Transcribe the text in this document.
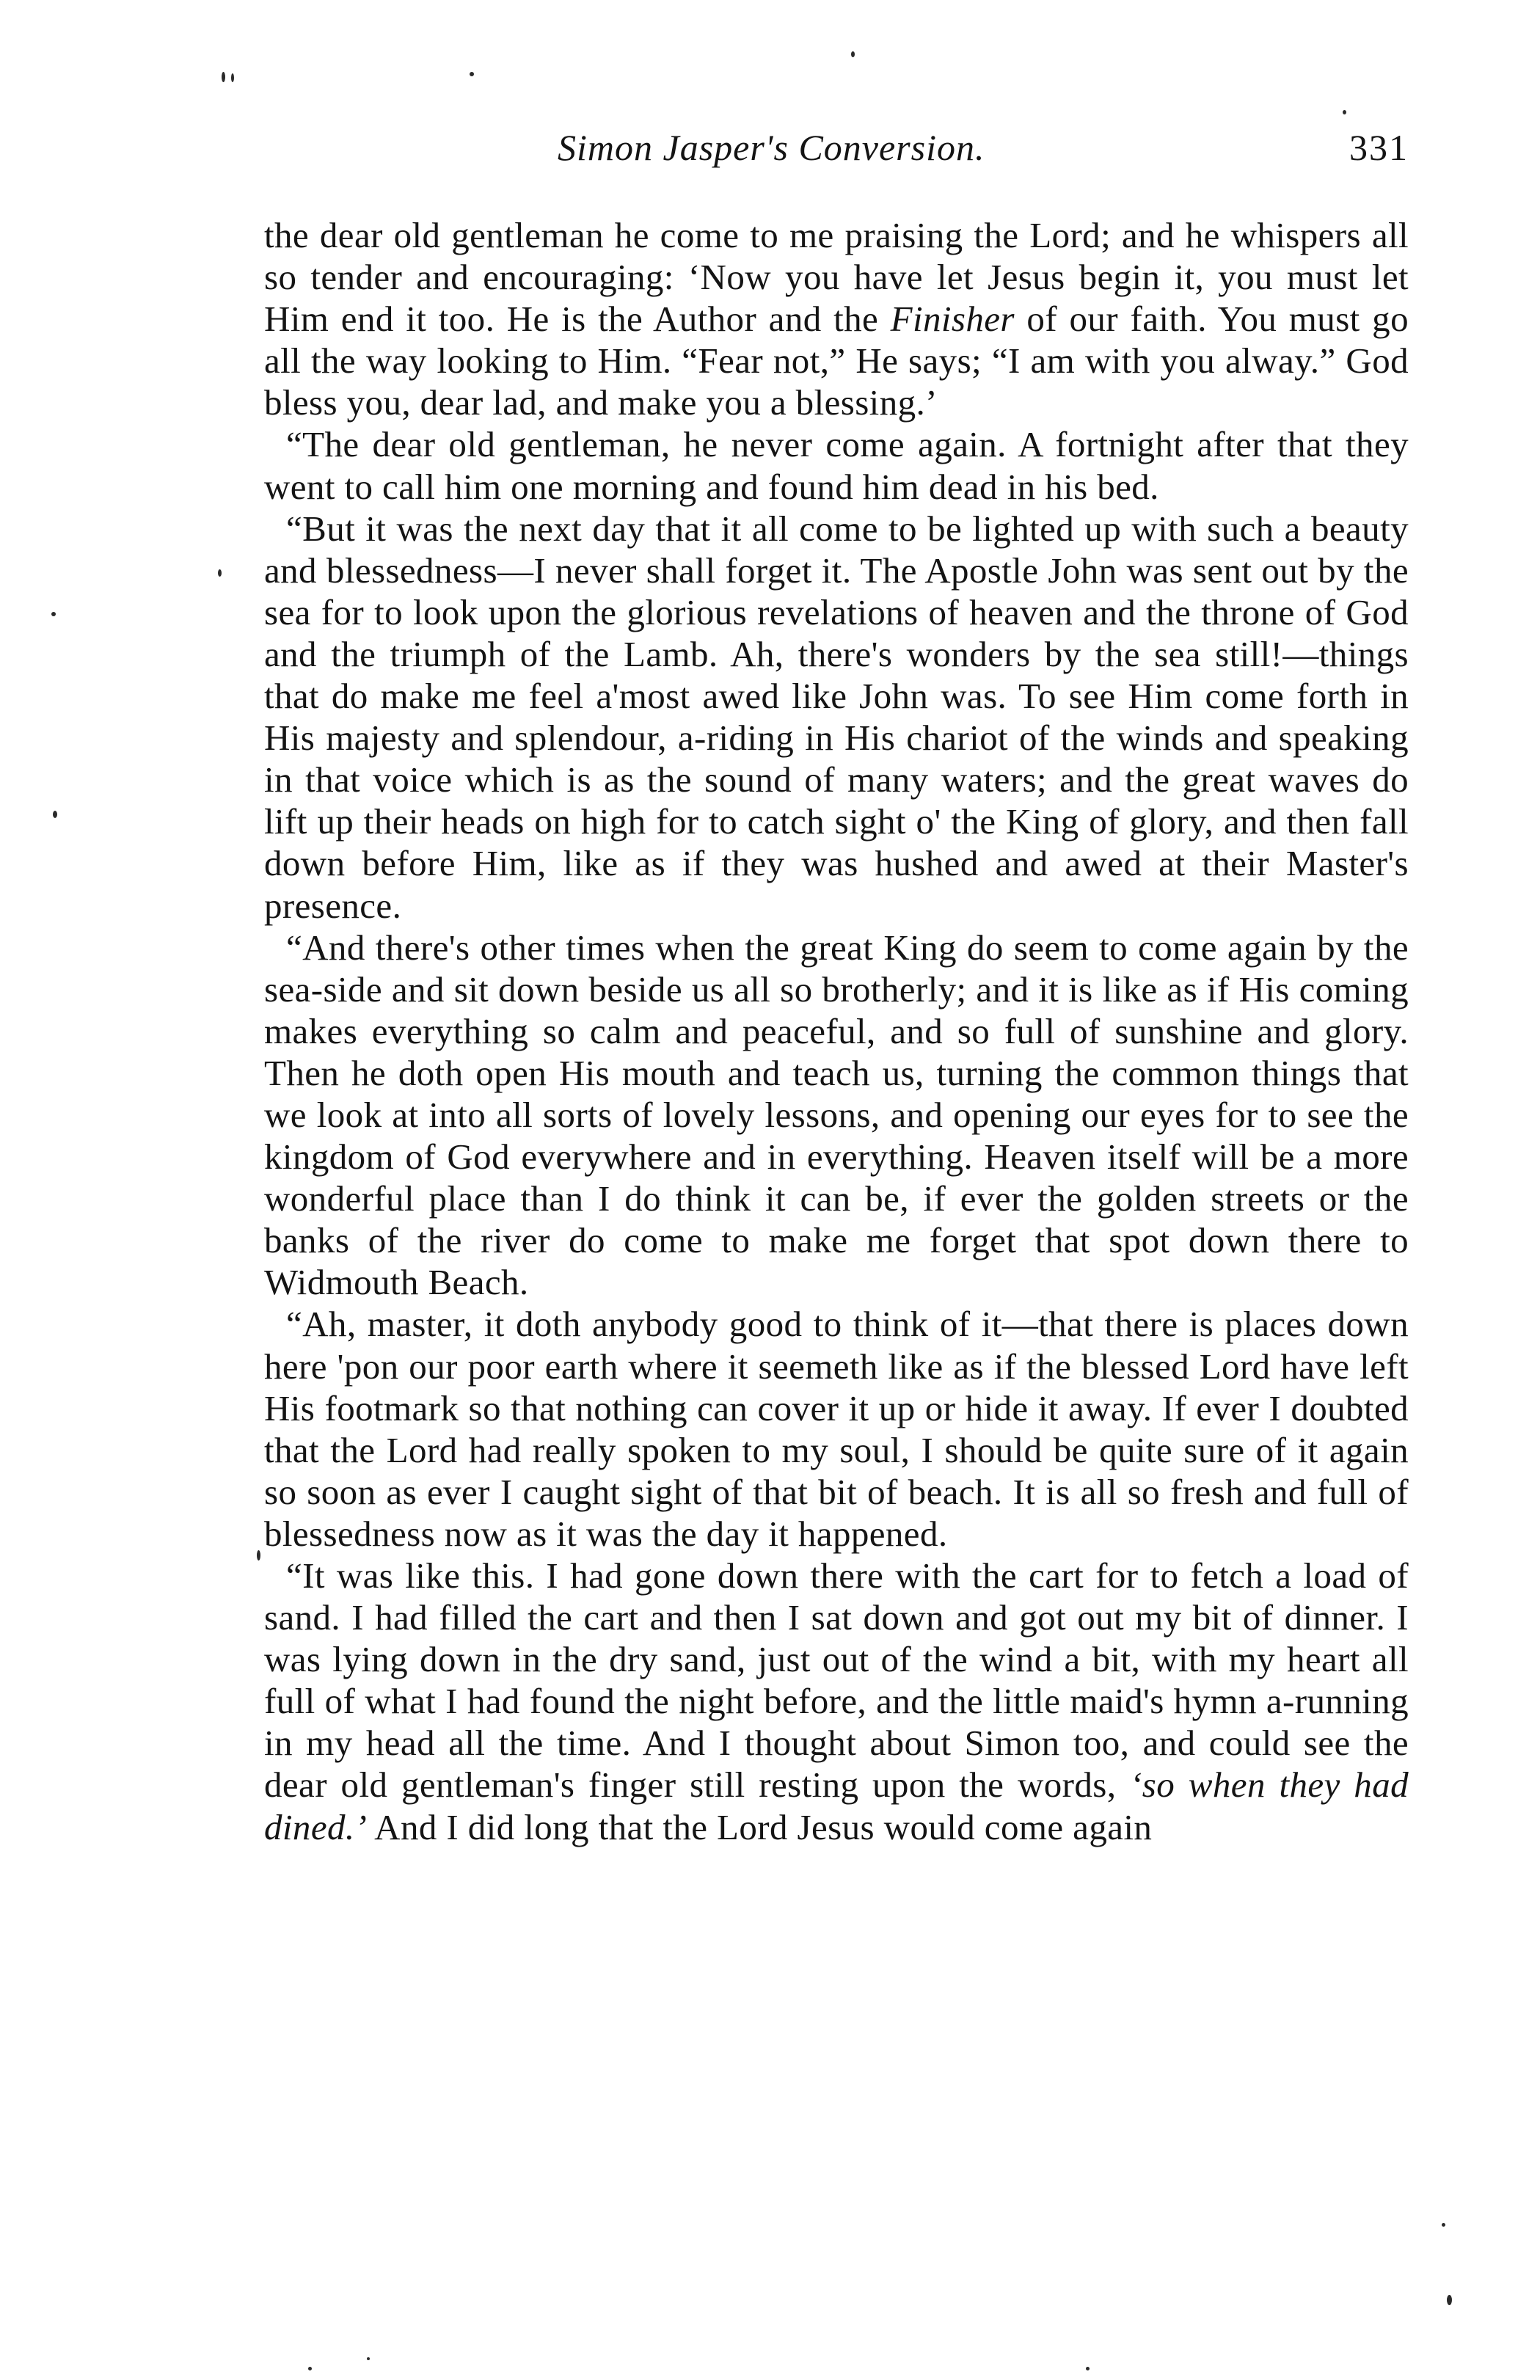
Simon Jasper's Conversion.	331

the dear old gentleman he come to me praising the Lord; and he whispers all so tender and encouraging: ‘Now you have let Jesus begin it, you must let Him end it too. He is the Author and the Finisher of our faith. You must go all the way looking to Him. “Fear not,” He says; “I am with you alway.” God bless you, dear lad, and make you a blessing.’

“The dear old gentleman, he never come again. A fortnight after that they went to call him one morning and found him dead in his bed.

“But it was the next day that it all come to be lighted up with such a beauty and blessedness—I never shall forget it. The Apostle John was sent out by the sea for to look upon the glorious revelations of heaven and the throne of God and the triumph of the Lamb. Ah, there's wonders by the sea still!—things that do make me feel a'most awed like John was. To see Him come forth in His majesty and splendour, a-riding in His chariot of the winds and speaking in that voice which is as the sound of many waters; and the great waves do lift up their heads on high for to catch sight o' the King of glory, and then fall down before Him, like as if they was hushed and awed at their Master's presence.

“And there's other times when the great King do seem to come again by the sea-side and sit down beside us all so brotherly; and it is like as if His coming makes everything so calm and peaceful, and so full of sunshine and glory. Then he doth open His mouth and teach us, turning the common things that we look at into all sorts of lovely lessons, and opening our eyes for to see the kingdom of God everywhere and in everything. Heaven itself will be a more wonderful place than I do think it can be, if ever the golden streets or the banks of the river do come to make me forget that spot down there to Widmouth Beach.

“Ah, master, it doth anybody good to think of it—that there is places down here 'pon our poor earth where it seemeth like as if the blessed Lord have left His footmark so that nothing can cover it up or hide it away. If ever I doubted that the Lord had really spoken to my soul, I should be quite sure of it again so soon as ever I caught sight of that bit of beach. It is all so fresh and full of blessedness now as it was the day it happened.

“It was like this. I had gone down there with the cart for to fetch a load of sand. I had filled the cart and then I sat down and got out my bit of dinner. I was lying down in the dry sand, just out of the wind a bit, with my heart all full of what I had found the night before, and the little maid's hymn a-running in my head all the time. And I thought about Simon too, and could see the dear old gentleman's finger still resting upon the words, ‘so when they had dined.’ And I did long that the Lord Jesus would come again
